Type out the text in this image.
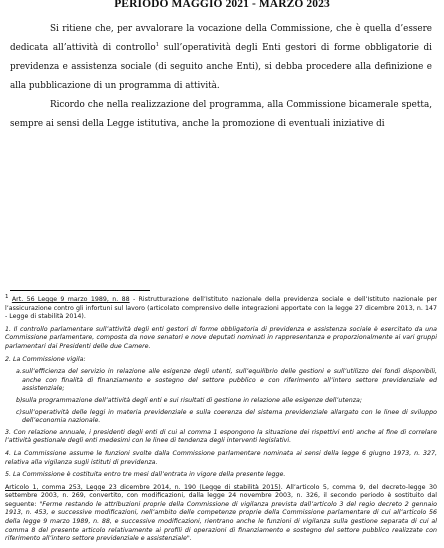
PERIODO MAGGIO 2021 - MARZO 2023

Si ritiene che, per avvalorare la vocazione della Commissione, che è quella d’essere dedicata all’attività di controllo$^1$ sull’operatività degli Enti gestori di forme obbligatorie di previdenza e assistenza sociale (di seguito anche Enti), si debba procedere alla definizione e alla pubblicazione di un programma di attività.

Ricordo che nella realizzazione del programma, alla Commissione bicamerale spetta, sempre ai sensi della Legge istitutiva, anche la promozione di eventuali iniziative di

$^1$ Art. 56 Legge 9 marzo 1989, n. 88 - Ristrutturazione dell’Istituto nazionale della previdenza sociale e dell’Istituto nazionale per l’assicurazione contro gli infortuni sul lavoro (articolato comprensivo delle integrazioni apportate con la legge 27 dicembre 2013, n. 147 - Legge di stabilità 2014).

1. Il controllo parlamentare sull’attività degli enti gestori di forme obbligatoria di previdenza e assistenza sociale è esercitato da una Commissione parlamentare, composta da nove senatori e nove deputati nominati in rappresentanza e proporzionalmente ai vari gruppi parlamentari dai Presidenti delle due Camere.

2. La Commissione vigila:

a. sull’efficienza del servizio in relazione alle esigenze degli utenti, sull’equilibrio delle gestioni e sull’utilizzo dei fondi disponibili, anche con finalità di finanziamento e sostegno del settore pubblico e con riferimento all’intero settore previdenziale ed assistenziale;
b) sulla programmazione dell’attività degli enti e sui risultati di gestione in relazione alle esigenze dell’utenza;
c) sull’operatività delle leggi in materia previdenziale e sulla coerenza del sistema previdenziale allargato con le linee di sviluppo dell’economia nazionale.

3. Con relazione annuale, i presidenti degli enti di cui al comma 1 espongono la situazione dei rispettivi enti anche al fine di correlare l’attività gestionale degli enti medesimi con le linee di tendenza degli interventi legislativi.

4. La Commissione assume le funzioni svolte dalla Commissione parlamentare nominata ai sensi della legge 6 giugno 1973, n. 327, relativa alla vigilanza sugli istituti di previdenza.

5. La Commissione è costituita entro tre mesi dall’entrata in vigore della presente legge.

Articolo 1, comma 253, Legge 23 dicembre 2014, n. 190 (Legge di stabilità 2015). All’articolo 5, comma 9, del decreto-legge 30 settembre 2003, n. 269, convertito, con modificazioni, dalla legge 24 novembre 2003, n. 326, il secondo periodo è sostituito dal seguente: "Ferme restando le attribuzioni proprie della Commissione di vigilanza prevista dall’articolo 3 del regio decreto 2 gennaio 1913, n. 453, e successive modificazioni, nell’ambito delle competenze proprie della Commissione parlamentare di cui all’articolo 56 della legge 9 marzo 1989, n. 88, e successive modificazioni, rientrano anche le funzioni di vigilanza sulla gestione separata di cui al comma 8 del presente articolo relativamente ai profili di operazioni di finanziamento e sostegno del settore pubblico realizzate con riferimento all’intero settore previdenziale e assistenziale".
